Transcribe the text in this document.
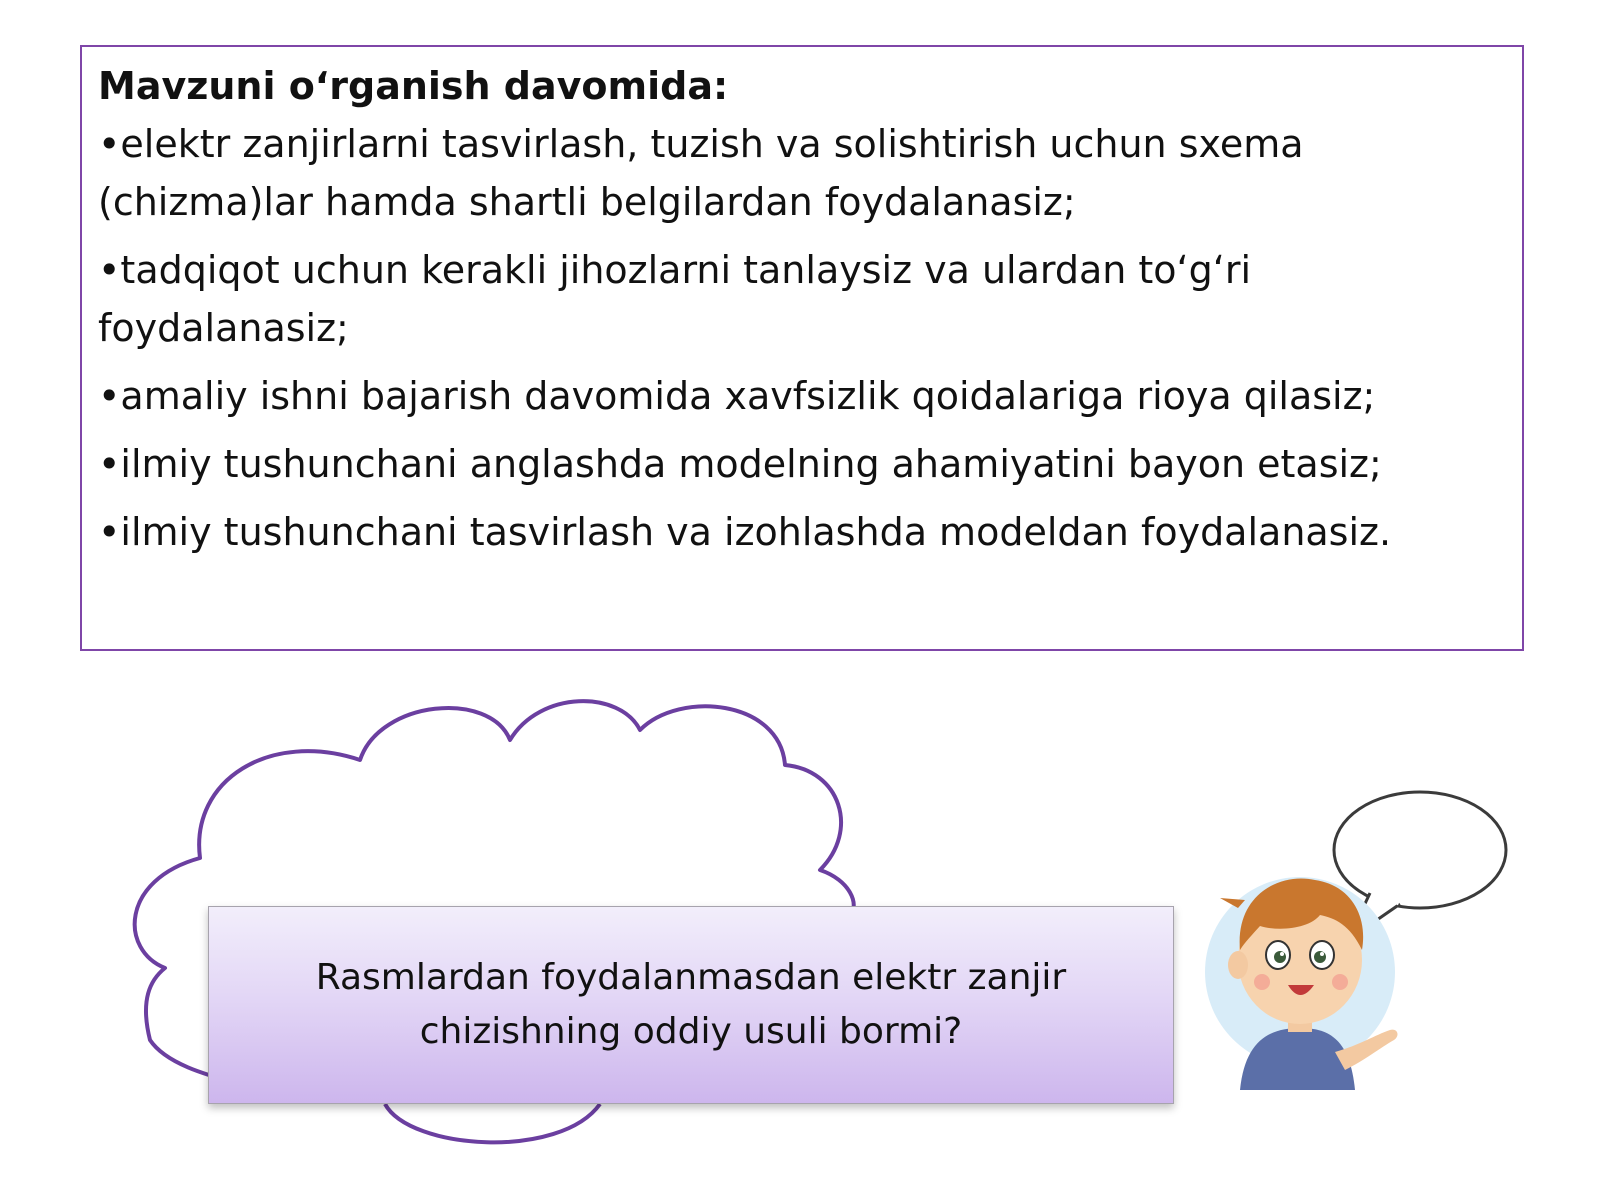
Mavzuni o‘rganish davomida:
• elektr zanjirlarni tasvirlash, tuzish va solishtirish uchun sxema (chizma)lar hamda shartli belgilardan foydalanasiz;
• tadqiqot uchun kerakli jihozlarni tanlaysiz va ulardan to‘g‘ri foydalanasiz;
• amaliy ishni bajarish davomida xavfsizlik qoidalariga rioya qilasiz;
• ilmiy tushunchani anglashda modelning ahamiyatini bayon etasiz;
• ilmiy tushunchani tasvirlash va izohlashda modeldan foydalanasiz.
Rasmlardan foydalanmasdan elektr zanjir chizishning oddiy usuli bormi?
